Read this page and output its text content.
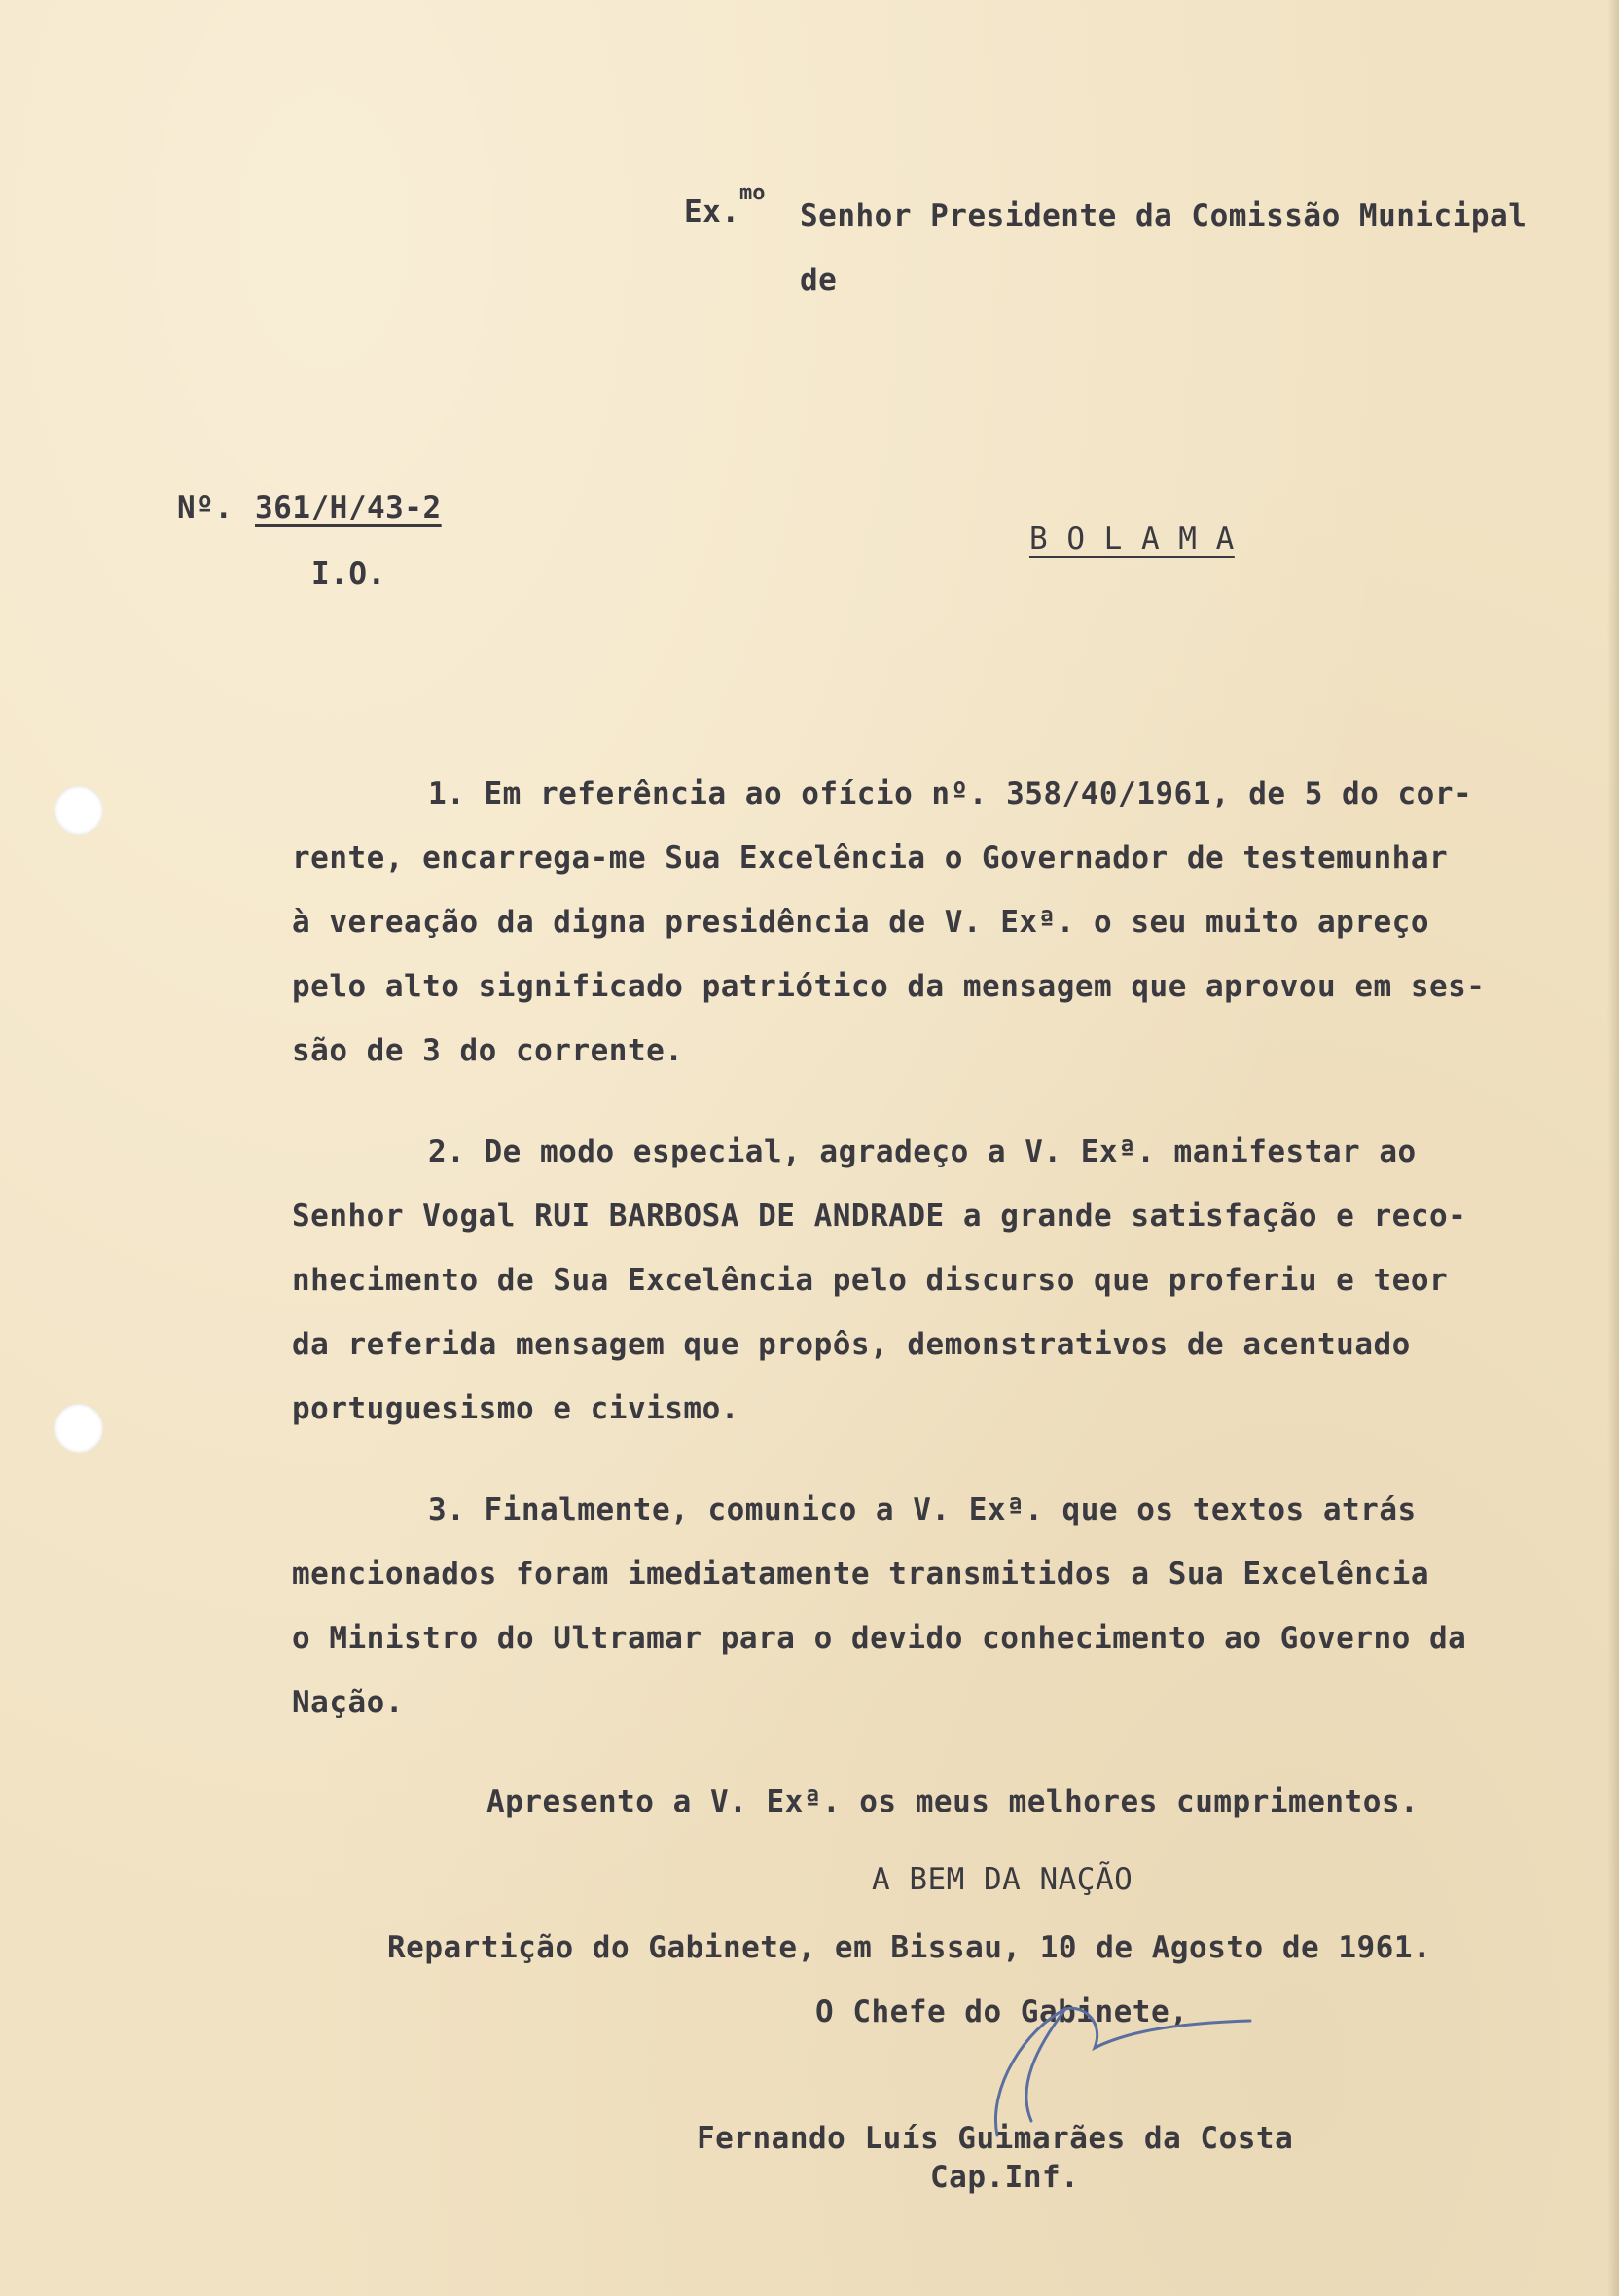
Ex.
mo
Senhor Presidente da Comissão Municipal
de
Nº. 361/H/43-2
I.O.
B O L A M A
1. Em referência ao ofício nº. 358/40/1961, de 5 do cor-
rente, encarrega-me Sua Excelência o Governador de testemunhar
à vereação da digna presidência de V. Exª. o seu muito apreço
pelo alto significado patriótico da mensagem que aprovou em ses-
são de 3 do corrente.
2. De modo especial, agradeço a V. Exª. manifestar ao
Senhor Vogal RUI BARBOSA DE ANDRADE a grande satisfação e reco-
nhecimento de Sua Excelência pelo discurso que proferiu e teor
da referida mensagem que propôs, demonstrativos de acentuado
portuguesismo e civismo.
3. Finalmente, comunico a V. Exª. que os textos atrás
mencionados foram imediatamente transmitidos a Sua Excelência
o Ministro do Ultramar para o devido conhecimento ao Governo da
Nação.
Apresento a V. Exª. os meus melhores cumprimentos.
A BEM DA NAÇÃO
Repartição do Gabinete, em Bissau, 10 de Agosto de 1961.
O Chefe do Gabinete,
Fernando Luís Guimarães da Costa
Cap.Inf.
